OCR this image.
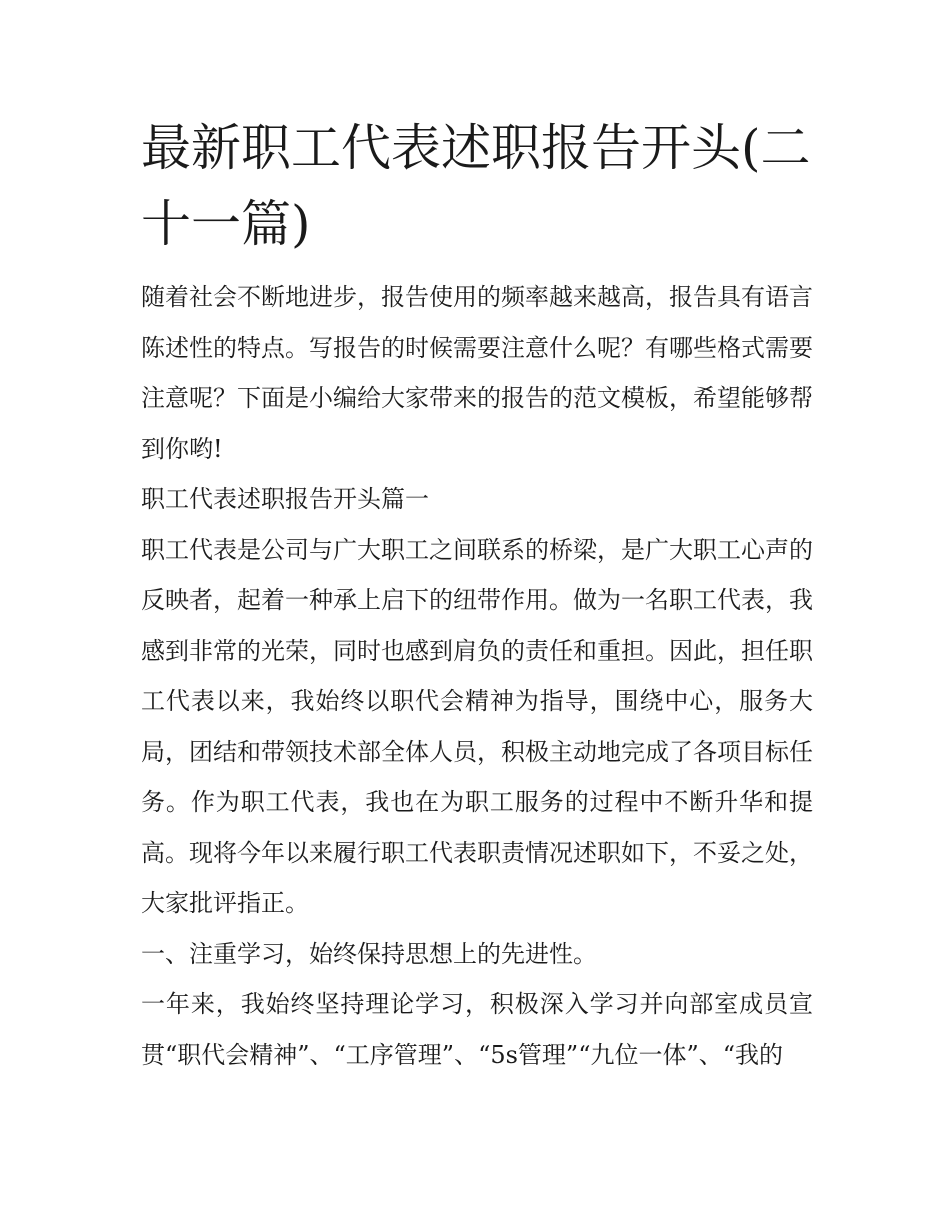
最新职工代表述职报告开头(二十一篇)

随着社会不断地进步，报告使用的频率越来越高，报告具有语言陈述性的特点。写报告的时候需要注意什么呢？有哪些格式需要注意呢？下面是小编给大家带来的报告的范文模板，希望能够帮到你哟!

职工代表述职报告开头篇一

职工代表是公司与广大职工之间联系的桥梁，是广大职工心声的反映者，起着一种承上启下的纽带作用。做为一名职工代表，我感到非常的光荣，同时也感到肩负的责任和重担。因此，担任职工代表以来，我始终以职代会精神为指导，围绕中心，服务大局，团结和带领技术部全体人员，积极主动地完成了各项目标任务。作为职工代表，我也在为职工服务的过程中不断升华和提高。现将今年以来履行职工代表职责情况述职如下，不妥之处，大家批评指正。

一、注重学习，始终保持思想上的先进性。

一年来，我始终坚持理论学习，积极深入学习并向部室成员宣贯“职代会精神”、“工序管理”、“5s管理”“九位一体”、“我的
